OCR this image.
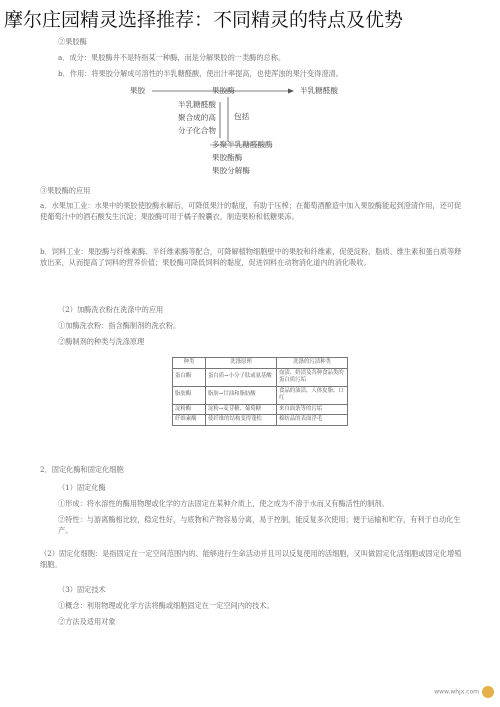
②果胶酶
a．成分：果胶酶并不是特指某一种酶，而是分解果胶的一类酶的总称。
b．作用：将果胶分解成可溶性的半乳糖醛酸，使出汁率提高，也使浑浊的果汁变得澄清。
果胶	果胶酶	半乳糖醛酸
半乳糖醛酸
聚合成的高
分子化合物
包括
多聚半乳糖醛酸酶
果胶酯酶
果胶分解酶
③果胶酶的应用
a．水果加工业：水果中的果胶使胶酶水解后，可降低果汁的黏度，有助于压榨；在葡萄酒酿造中加入果胶酶能起到澄清作用，还可促使葡萄汁中的酒石酸发生沉淀；果胶酶可用于橘子脱囊衣，制造果粉和低糖果冻。
b．饲料工业：果胶酶与纤维素酶、半纤维素酶等配合，可降解植物细胞壁中的果胶和纤维素，促使淀粉、脂质、维生素和蛋白质等释放出来，从而提高了饲料的营养价值；果胶酶可降低饲料的黏度，促进饲料在动物消化道内的消化吸收。
（2）加酶洗衣粉在洗涤中的应用
①加酶洗衣粉：指含酶制剂的洗衣粉。
②酶制剂的种类与洗涤原理
种类	洗涤原理	洗涤的污渍种类
蛋白酶	蛋白质→小分子肽或氨基酸	血渍、奶渍及各种食品类的蛋白质污垢
脂肪酶	脂肪→甘油和脂肪酸	食品的油渍、人体皮脂、口红
淀粉酶	淀粉→麦芽糖、葡萄糖	来自面条等的污垢
纤维素酶	使纤维的结构变得蓬松	棉纺品的表面浮毛
2．固定化酶和固定化细胞
（1）固定化酶
①形成：将水溶性的酶用物理或化学的方法固定在某种介质上，使之成为不溶于水而又有酶活性的制剂。
②特性：与游离酶相比较，稳定性好，与底物和产物容易分离，易于控制，能反复多次使用；便于运输和贮存，有利于自动化生产。
（2）固定化细胞：是指固定在一定空间范围内的、能够进行生命活动并且可以反复使用的活细胞，又叫做固定化活细胞或固定化增殖细胞。
（3）固定技术
①概念：利用物理或化学方法将酶或细胞固定在一定空间内的技术。
②方法及适用对象
www.whjx.com
摩尔庄园精灵选择推荐：不同精灵的特点及优势
